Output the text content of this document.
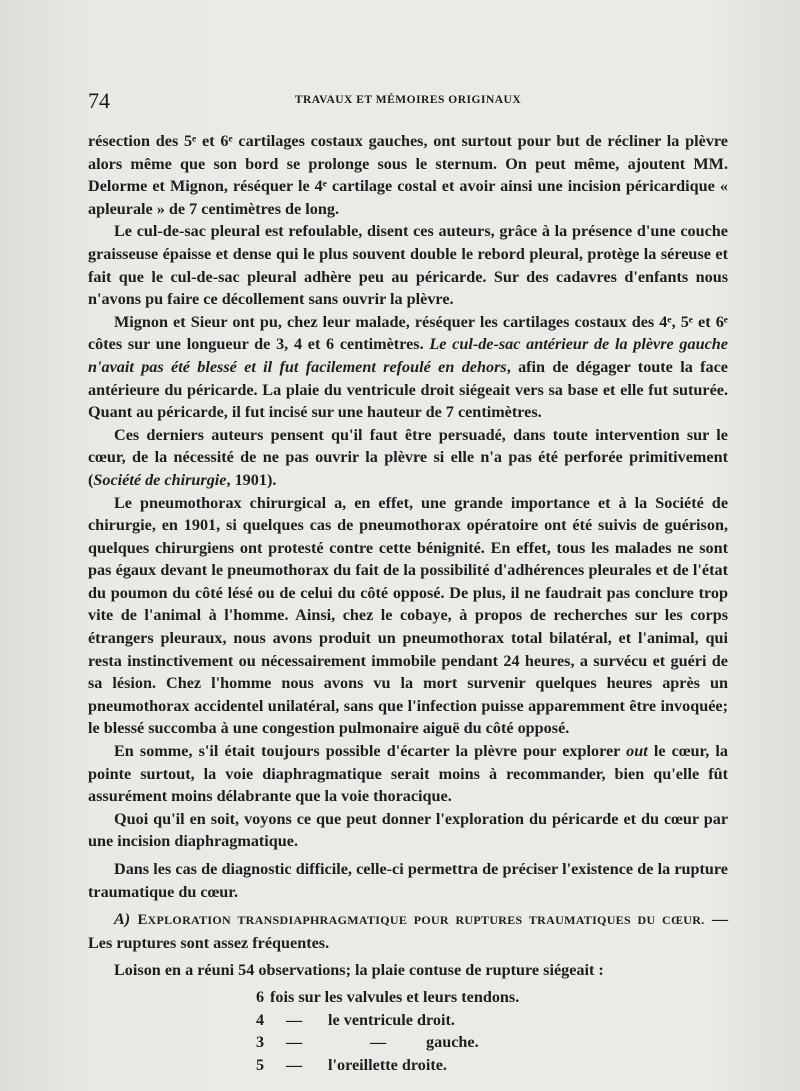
74	TRAVAUX ET MÉMOIRES ORIGINAUX

résection des 5ᵉ et 6ᵉ cartilages costaux gauches, ont surtout pour but de récliner la plèvre alors même que son bord se prolonge sous le sternum. On peut même, ajoutent MM. Delorme et Mignon, réséquer le 4ᵉ cartilage costal et avoir ainsi une incision péricardique « apleurale » de 7 centimètres de long.

Le cul-de-sac pleural est refoulable, disent ces auteurs, grâce à la présence d'une couche graisseuse épaisse et dense qui le plus souvent double le rebord pleural, protège la séreuse et fait que le cul-de-sac pleural adhère peu au péricarde. Sur des cadavres d'enfants nous n'avons pu faire ce décollement sans ouvrir la plèvre.

Mignon et Sieur ont pu, chez leur malade, réséquer les cartilages costaux des 4ᵉ, 5ᵉ et 6ᵉ côtes sur une longueur de 3, 4 et 6 centimètres. Le cul-de-sac antérieur de la plèvre gauche n'avait pas été blessé et il fut facilement refoulé en dehors, afin de dégager toute la face antérieure du péricarde. La plaie du ventricule droit siégeait vers sa base et elle fut suturée. Quant au péricarde, il fut incisé sur une hauteur de 7 centimètres.

Ces derniers auteurs pensent qu'il faut être persuadé, dans toute intervention sur le cœur, de la nécessité de ne pas ouvrir la plèvre si elle n'a pas été perforée primitivement (Société de chirurgie, 1901).

Le pneumothorax chirurgical a, en effet, une grande importance et à la Société de chirurgie, en 1901, si quelques cas de pneumothorax opératoire ont été suivis de guérison, quelques chirurgiens ont protesté contre cette bénignité. En effet, tous les malades ne sont pas égaux devant le pneumothorax du fait de la possibilité d'adhérences pleurales et de l'état du poumon du côté lésé ou de celui du côté opposé. De plus, il ne faudrait pas conclure trop vite de l'animal à l'homme. Ainsi, chez le cobaye, à propos de recherches sur les corps étrangers pleuraux, nous avons produit un pneumothorax total bilatéral, et l'animal, qui resta instinctivement ou nécessairement immobile pendant 24 heures, a survécu et guéri de sa lésion. Chez l'homme nous avons vu la mort survenir quelques heures après un pneumothorax accidentel unilatéral, sans que l'infection puisse apparemment être invoquée; le blessé succomba à une congestion pulmonaire aiguë du côté opposé.

En somme, s'il était toujours possible d'écarter la plèvre pour explorer out le cœur, la pointe surtout, la voie diaphragmatique serait moins à recommander, bien qu'elle fût assurément moins délabrante que la voie thoracique.

Quoi qu'il en soit, voyons ce que peut donner l'exploration du péricarde et du cœur par une incision diaphragmatique.

Dans les cas de diagnostic difficile, celle-ci permettra de préciser l'existence de la rupture traumatique du cœur.

A) EXPLORATION TRANSDIAPHRAGMATIQUE POUR RUPTURES TRAUMATIQUES DU CŒUR. — Les ruptures sont assez fréquentes.

Loison en a réuni 54 observations; la plaie contuse de rupture siégeait :

6 fois sur les valvules et leurs tendons.
4 — le ventricule droit.
3 —	— gauche.
5 — l'oreillette droite.
